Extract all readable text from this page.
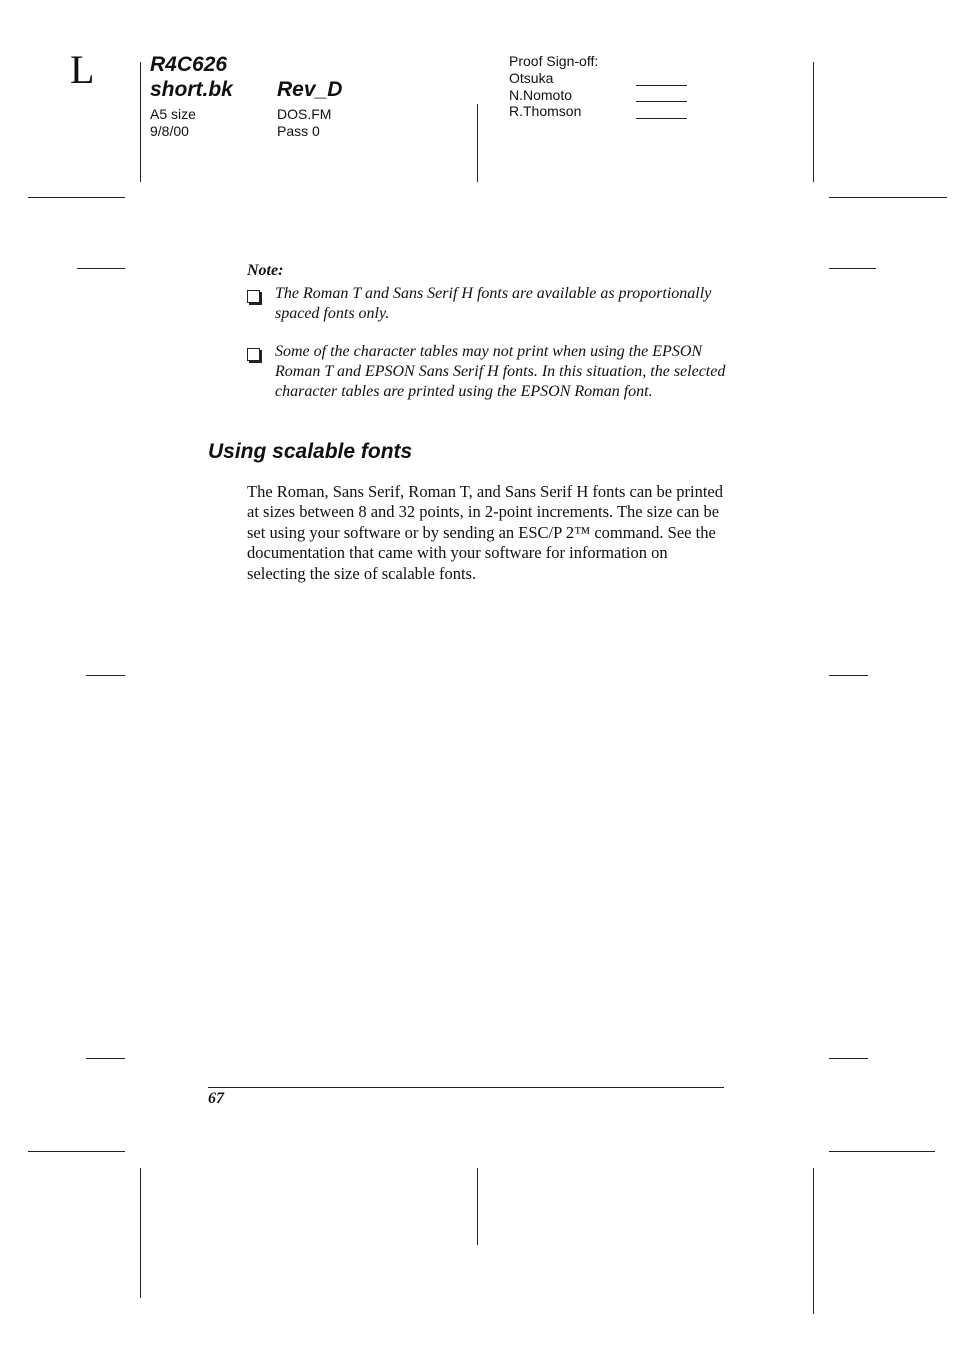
L	R4C626
short.bk Rev_D
A5 size
9/8/00
DOS.FM
Pass 0
Proof Sign-off:
Otsuka
N.Nomoto
R.Thomson
Note:
The Roman T and Sans Serif H fonts are available as proportionally spaced fonts only.
Some of the character tables may not print when using the EPSON Roman T and EPSON Sans Serif H fonts. In this situation, the selected character tables are printed using the EPSON Roman font.
Using scalable fonts
The Roman, Sans Serif, Roman T, and Sans Serif H fonts can be printed at sizes between 8 and 32 points, in 2-point increments. The size can be set using your software or by sending an ESC/P 2™ command. See the documentation that came with your software for information on selecting the size of scalable fonts.
67
